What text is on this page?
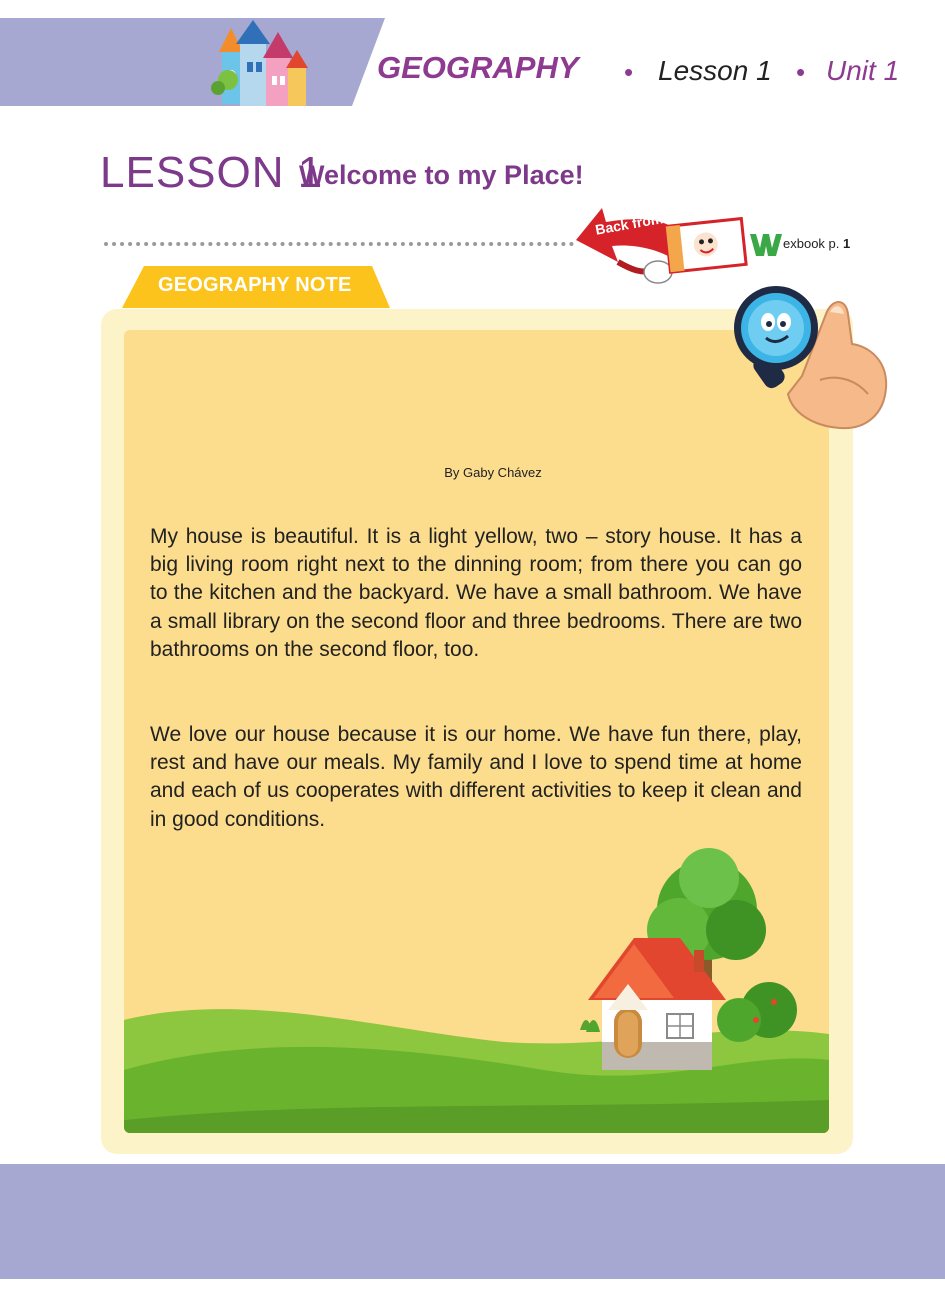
GEOGRAPHY • Lesson 1 • Unit 1
LESSON 1
Welcome to my Place!
Back from
exbook p. 1
GEOGRAPHY NOTE
By Gaby Chávez

My house is beautiful. It is a light yellow, two – story house. It has a big living room right next to the dinning room; from there you can go to the kitchen and the backyard. We have a small bathroom. We have a small library on the second floor and three bedrooms. There are two bathrooms on the second floor, too.

We love our house because it is our home. We have fun there, play, rest and have our meals. My family and I love to spend time at home and each of us cooperates with different activities to keep it clean and in good conditions.
